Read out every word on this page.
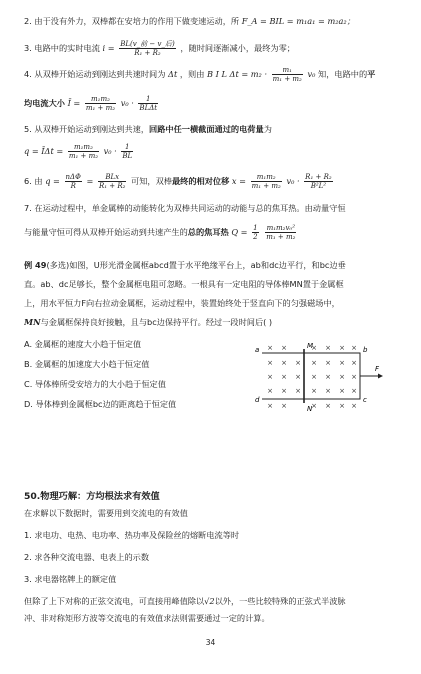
2. 由于没有外力，双棒都在安培力的作用下做变速运动，所 F_A = BIL = m₁a₁ = m₂a₂；
3. 电路中的实时电流 $i = \frac{\text{BL(v\_前 − v\_后)}}{\text{R₁ + R₂}}$ ，随时间逐渐减小，最终为零；
4. 从双棒开始运动到刚达到共速时间为 Δt ，则由 B I L $\Delta t = m_2 \cdot \frac{\text{m₁}}{\text{m₁ + m₂}} v_0$ 知，电路中的平
均电流大小 Ī = $\frac{\text{m₁m₂}}{\text{m₁ + m₂}} v_0 \cdot \frac{1}{\text{BLΔt}}$
5. 从双棒开始运动到刚达到共速，回路中任一横截面通过的电荷量为
q = ĪΔt = $\frac{\text{m₁m₂}}{\text{m₁ + m₂}} v_0 \cdot \frac{1}{BL}$
6. 由 $q = \frac{\text{nΔΦ}}{R} = \frac{\text{BLx}}{\text{R₁ + R₂}}$ 可知，双棒最终的相对位移 $x = \frac{\text{m₁m₂}}{\text{m₁ + m₂}} v_0 \cdot \frac{\text{R₁ + R₂}}{\text{B²L²}}$
7. 在运动过程中，单金属棒的动能转化为双棒共同运动的动能与总的焦耳热。由动量守恒
与能量守恒可得从双棒开始运动到共速产生的总的焦耳热 $Q = \frac{1}{2}$
$\frac{\text{m₁m₂v₀²}}{\text{m₁ + m₂}}$
例 49(多选)如图，U形光滑金属框abcd置于水平绝缘平台上，ab和dc边平行，和bc边垂
直。ab、dc足够长，整个金属框电阻可忽略。一根具有一定电阻的导体棒MN置于金属框
上，用水平恒力F向右拉动金属框，运动过程中，装置始终处于竖直向下的匀强磁场中，
MN与金属框保持良好接触，且与bc边保持平行。经过一段时间后( )
A. 金属框的速度大小趋于恒定值
B. 金属框的加速度大小趋于恒定值
C. 导体棒所受安培力的大小趋于恒定值
D. 导体棒到金属框bc边的距离趋于恒定值
× ×	× × × ×
× × × × × × ×
× × × × × × ×
× × × × × × ×
× ×	× × × ×
a	b
c
d
M
N
F
50.物理巧解：方均根法求有效值
在求解以下数据时，需要用到交流电的有效值
1. 求电功、电热、电功率、热功率及保险丝的熔断电流等时
2. 求各种交流电器、电表上的示数
3. 求电器铭牌上的额定值
但除了上下对称的正弦交流电，可直接用峰值除以√2以外，一些比较特殊的正弦式半波脉
冲、非对称矩形方波等交流电的有效值求法则需要通过一定的计算。
34
